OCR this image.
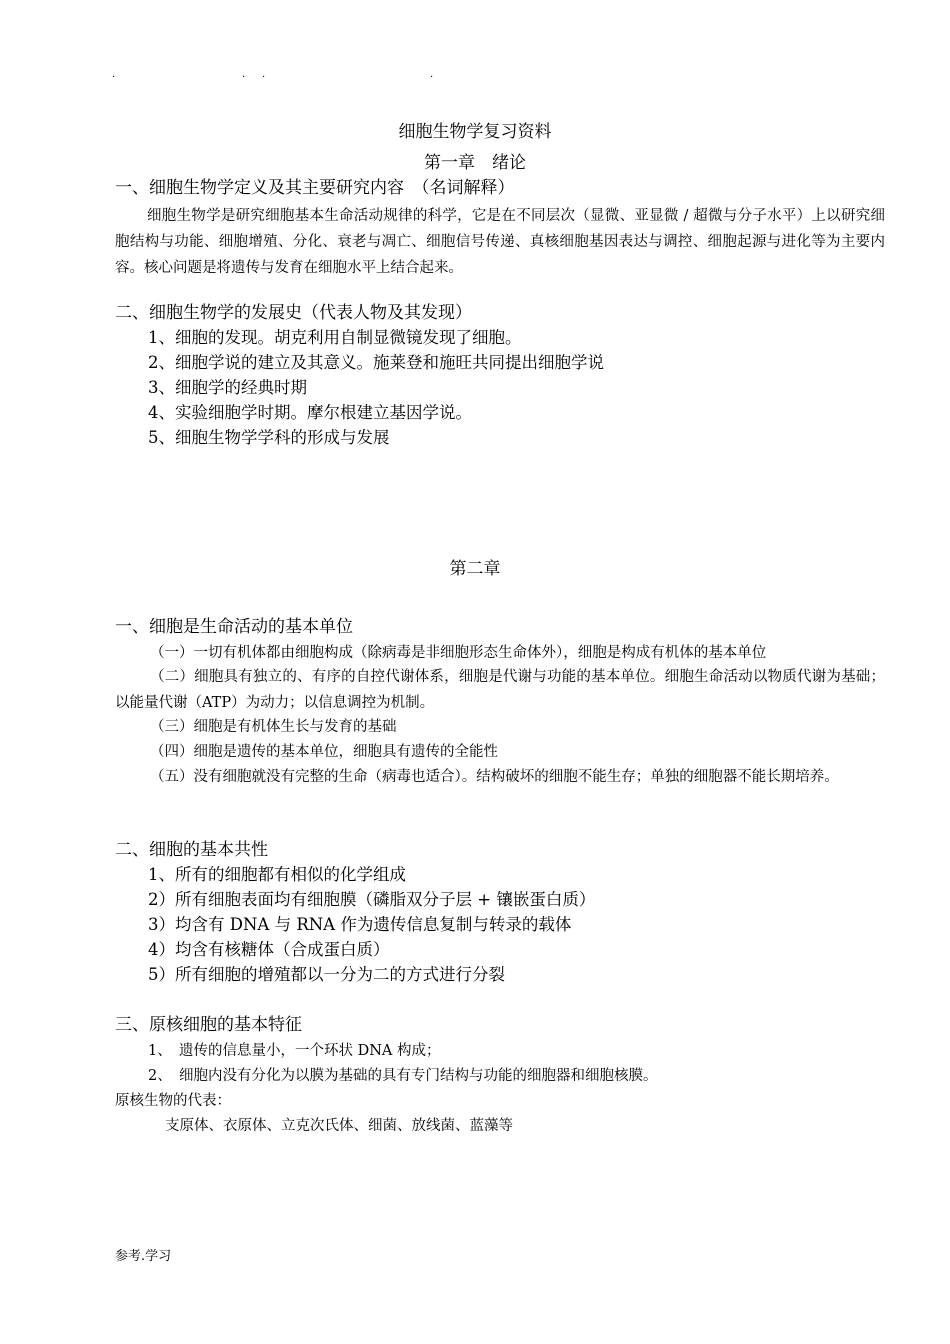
·	· ·	·
细胞生物学复习资料
第一章　绪论
一、细胞生物学定义及其主要研究内容　（名词解释）
细胞生物学是研究细胞基本生命活动规律的科学，它是在不同层次（显微、亚显微 / 超微与分子水平）上以研究细胞结构与功能、细胞增殖、分化、衰老与凋亡、细胞信号传递、真核细胞基因表达与调控、细胞起源与进化等为主要内容。核心问题是将遗传与发育在细胞水平上结合起来。
二、细胞生物学的发展史（代表人物及其发现）
1、细胞的发现。胡克利用自制显微镜发现了细胞。
2、细胞学说的建立及其意义。施莱登和施旺共同提出细胞学说
3、细胞学的经典时期
4、实验细胞学时期。摩尔根建立基因学说。
5、细胞生物学学科的形成与发展
第二章
一、细胞是生命活动的基本单位
（一）一切有机体都由细胞构成（除病毒是非细胞形态生命体外），细胞是构成有机体的基本单位
（二）细胞具有独立的、有序的自控代谢体系，细胞是代谢与功能的基本单位。细胞生命活动以物质代谢为基础；以能量代谢（ATP）为动力；以信息调控为机制。
（三）细胞是有机体生长与发育的基础
（四）细胞是遗传的基本单位，细胞具有遗传的全能性
（五）没有细胞就没有完整的生命（病毒也适合）。结构破坏的细胞不能生存；单独的细胞器不能长期培养。
二、细胞的基本共性
1、所有的细胞都有相似的化学组成
2）所有细胞表面均有细胞膜（磷脂双分子层 + 镶嵌蛋白质）
3）均含有 DNA 与 RNA 作为遗传信息复制与转录的载体
4）均含有核糖体（合成蛋白质）
5）所有细胞的增殖都以一分为二的方式进行分裂
三、原核细胞的基本特征
1、　遗传的信息量小，一个环状 DNA 构成；
2、　细胞内没有分化为以膜为基础的具有专门结构与功能的细胞器和细胞核膜。
原核生物的代表：
支原体、衣原体、立克次氏体、细菌、放线菌、蓝藻等
参考.学习
